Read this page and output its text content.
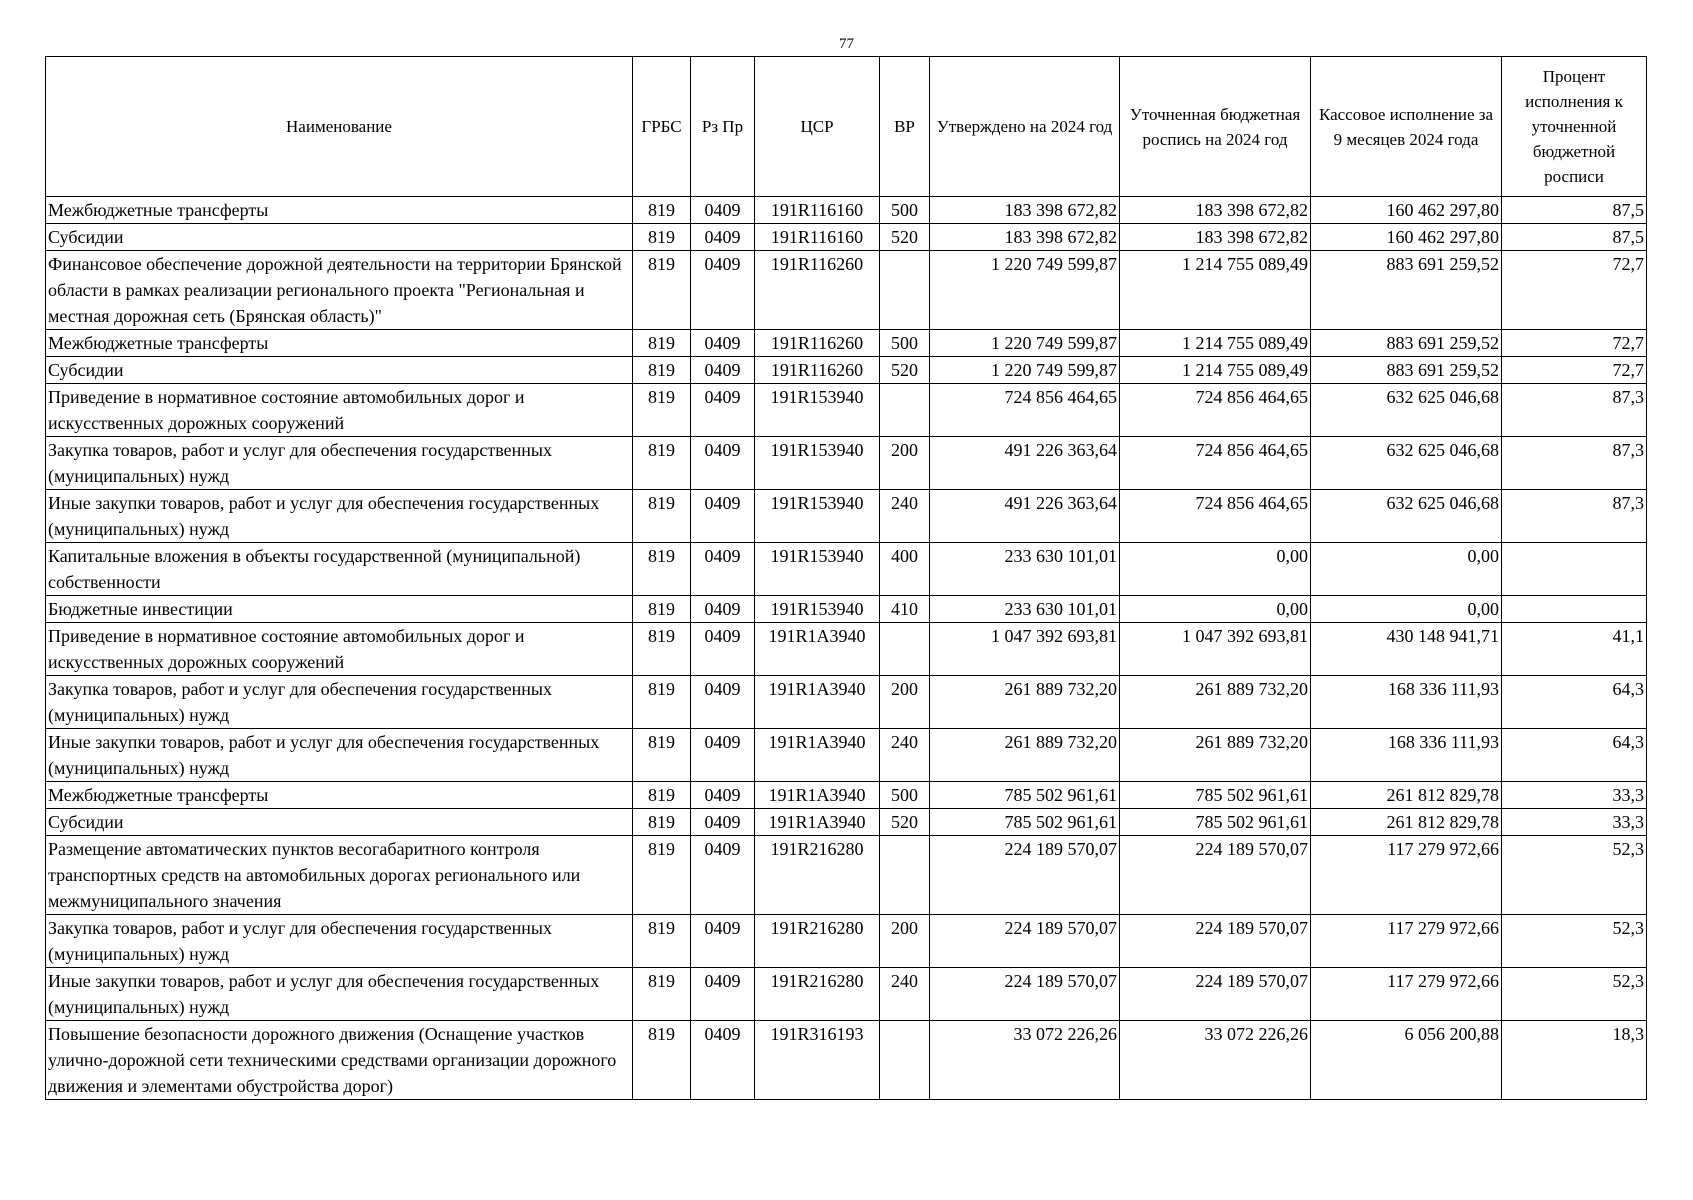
77
Наименование	ГРБС	Рз Пр	ЦСР	ВР	Утверждено на 2024 год	Уточненная бюджетная роспись на 2024 год	Кассовое исполнение за 9 месяцев 2024 года	Процент исполнения к уточненной бюджетной росписи
Межбюджетные трансферты	819	0409	191R116160	500	183 398 672,82	183 398 672,82	160 462 297,80	87,5
Субсидии	819	0409	191R116160	520	183 398 672,82	183 398 672,82	160 462 297,80	87,5
Финансовое обеспечение дорожной деятельности на территории Брянской области в рамках реализации регионального проекта "Региональная и местная дорожная сеть (Брянская область)"	819	0409	191R116260		1 220 749 599,87	1 214 755 089,49	883 691 259,52	72,7
Межбюджетные трансферты	819	0409	191R116260	500	1 220 749 599,87	1 214 755 089,49	883 691 259,52	72,7
Субсидии	819	0409	191R116260	520	1 220 749 599,87	1 214 755 089,49	883 691 259,52	72,7
Приведение в нормативное состояние автомобильных дорог и искусственных дорожных сооружений	819	0409	191R153940		724 856 464,65	724 856 464,65	632 625 046,68	87,3
Закупка товаров, работ и услуг для обеспечения государственных (муниципальных) нужд	819	0409	191R153940	200	491 226 363,64	724 856 464,65	632 625 046,68	87,3
Иные закупки товаров, работ и услуг для обеспечения государственных (муниципальных) нужд	819	0409	191R153940	240	491 226 363,64	724 856 464,65	632 625 046,68	87,3
Капитальные вложения в объекты государственной (муниципальной) собственности	819	0409	191R153940	400	233 630 101,01	0,00	0,00	
Бюджетные инвестиции	819	0409	191R153940	410	233 630 101,01	0,00	0,00	
Приведение в нормативное состояние автомобильных дорог и искусственных дорожных сооружений	819	0409	191R1A3940		1 047 392 693,81	1 047 392 693,81	430 148 941,71	41,1
Закупка товаров, работ и услуг для обеспечения государственных (муниципальных) нужд	819	0409	191R1A3940	200	261 889 732,20	261 889 732,20	168 336 111,93	64,3
Иные закупки товаров, работ и услуг для обеспечения государственных (муниципальных) нужд	819	0409	191R1A3940	240	261 889 732,20	261 889 732,20	168 336 111,93	64,3
Межбюджетные трансферты	819	0409	191R1A3940	500	785 502 961,61	785 502 961,61	261 812 829,78	33,3
Субсидии	819	0409	191R1A3940	520	785 502 961,61	785 502 961,61	261 812 829,78	33,3
Размещение автоматических пунктов весогабаритного контроля транспортных средств на автомобильных дорогах регионального или межмуниципального значения	819	0409	191R216280		224 189 570,07	224 189 570,07	117 279 972,66	52,3
Закупка товаров, работ и услуг для обеспечения государственных (муниципальных) нужд	819	0409	191R216280	200	224 189 570,07	224 189 570,07	117 279 972,66	52,3
Иные закупки товаров, работ и услуг для обеспечения государственных (муниципальных) нужд	819	0409	191R216280	240	224 189 570,07	224 189 570,07	117 279 972,66	52,3
Повышение безопасности дорожного движения (Оснащение участков улично-дорожной сети техническими средствами организации дорожного движения и элементами обустройства дорог)	819	0409	191R316193		33 072 226,26	33 072 226,26	6 056 200,88	18,3
